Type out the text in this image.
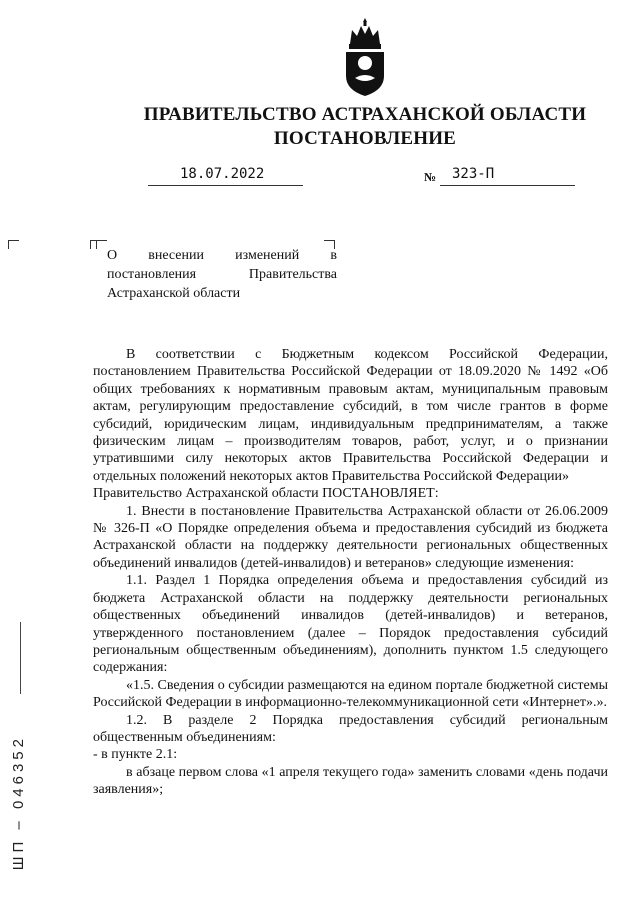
ПРАВИТЕЛЬСТВО АСТРАХАНСКОЙ ОБЛАСТИ
ПОСТАНОВЛЕНИЕ
18.07.2022	№ 323-П
О внесении изменений в постановления Правительства Астраханской области

В соответствии с Бюджетным кодексом Российской Федерации, постановлением Правительства Российской Федерации от 18.09.2020 № 1492 «Об общих требованиях к нормативным правовым актам, муниципальным правовым актам, регулирующим предоставление субсидий, в том числе грантов в форме субсидий, юридическим лицам, индивидуальным предпринимателям, а также физическим лицам – производителям товаров, работ, услуг, и о признании утратившими силу некоторых актов Правительства Российской Федерации и отдельных положений некоторых актов Правительства Российской Федерации»

Правительство Астраханской области ПОСТАНОВЛЯЕТ:

1. Внести в постановление Правительства Астраханской области от 26.06.2009 № 326-П «О Порядке определения объема и предоставления субсидий из бюджета Астраханской области на поддержку деятельности региональных общественных объединений инвалидов (детей-инвалидов) и ветеранов» следующие изменения:

1.1. Раздел 1 Порядка определения объема и предоставления субсидий из бюджета Астраханской области на поддержку деятельности региональных общественных объединений инвалидов (детей-инвалидов) и ветеранов, утвержденного постановлением (далее – Порядок предоставления субсидий региональным общественным объединениям), дополнить пунктом 1.5 следующего содержания:

«1.5. Сведения о субсидии размещаются на едином портале бюджетной системы Российской Федерации в информационно-телекоммуникационной сети «Интернет».».

1.2. В разделе 2 Порядка предоставления субсидий региональным общественным объединениям:

- в пункте 2.1:

в абзаце первом слова «1 апреля текущего года» заменить словами «день подачи заявления»;

ШП – 046352
